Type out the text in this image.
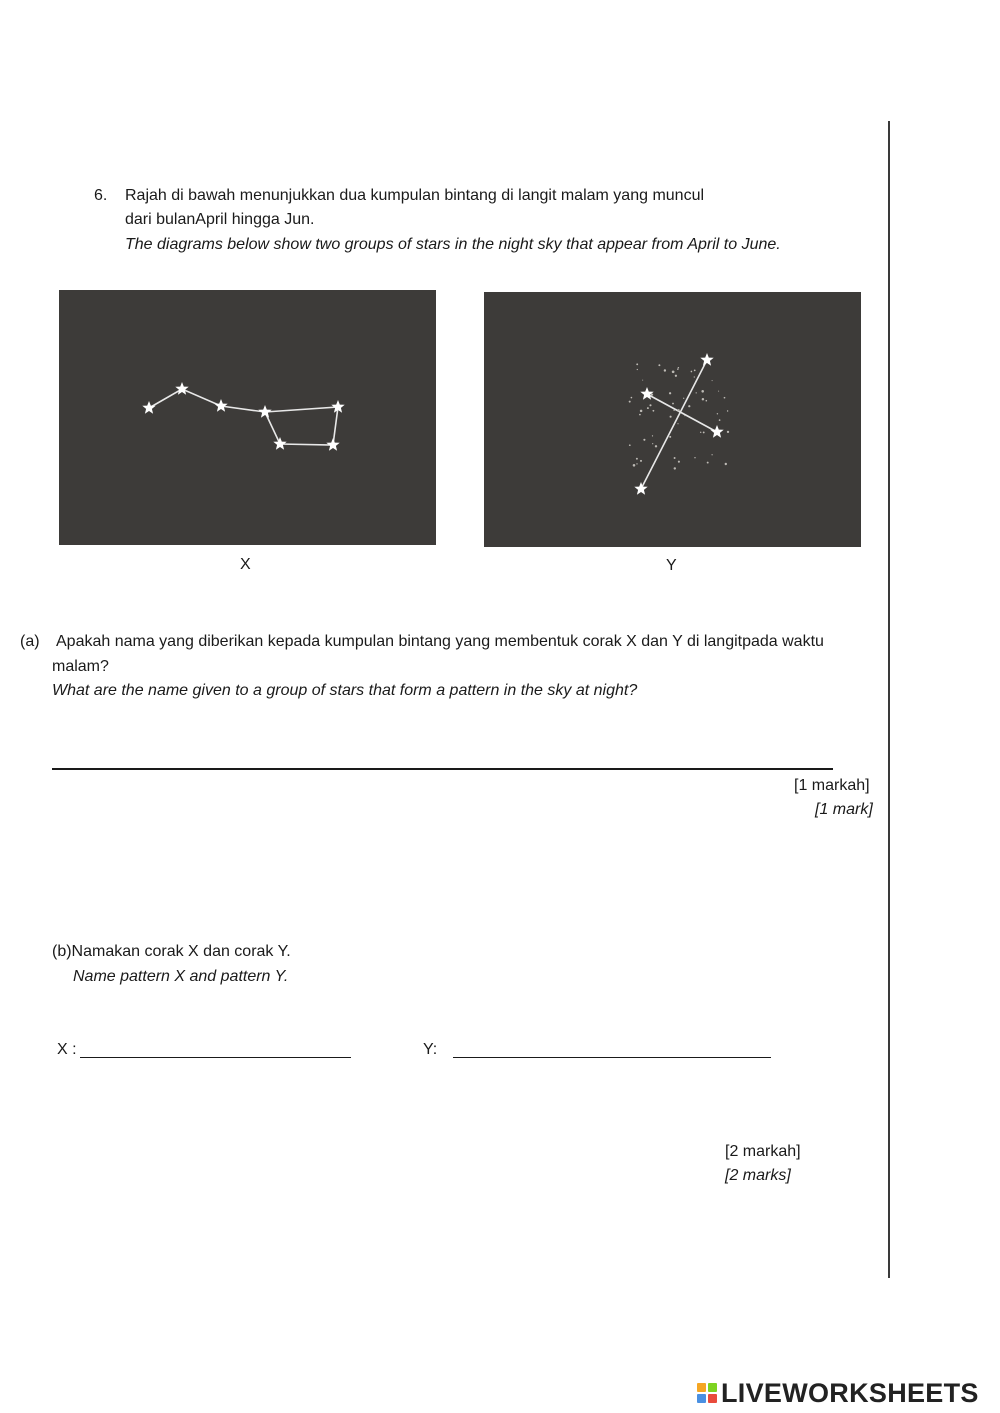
6. Rajah di bawah menunjukkan dua kumpulan bintang di langit malam yang muncul
dari bulanApril hingga Jun.
The diagrams below show two groups of stars in the night sky that appear from April to June.
X	Y
(a) Apakah nama yang diberikan kepada kumpulan bintang yang membentuk corak X dan Y di langitpada waktu
malam?
What are the name given to a group of stars that form a pattern in the sky at night?
[1 markah]
[1 mark]
(b)Namakan corak X dan corak Y.
Name pattern X and pattern Y.
X :	Y:
[2 markah]
[2 marks]
LIVEWORKSHEETS
